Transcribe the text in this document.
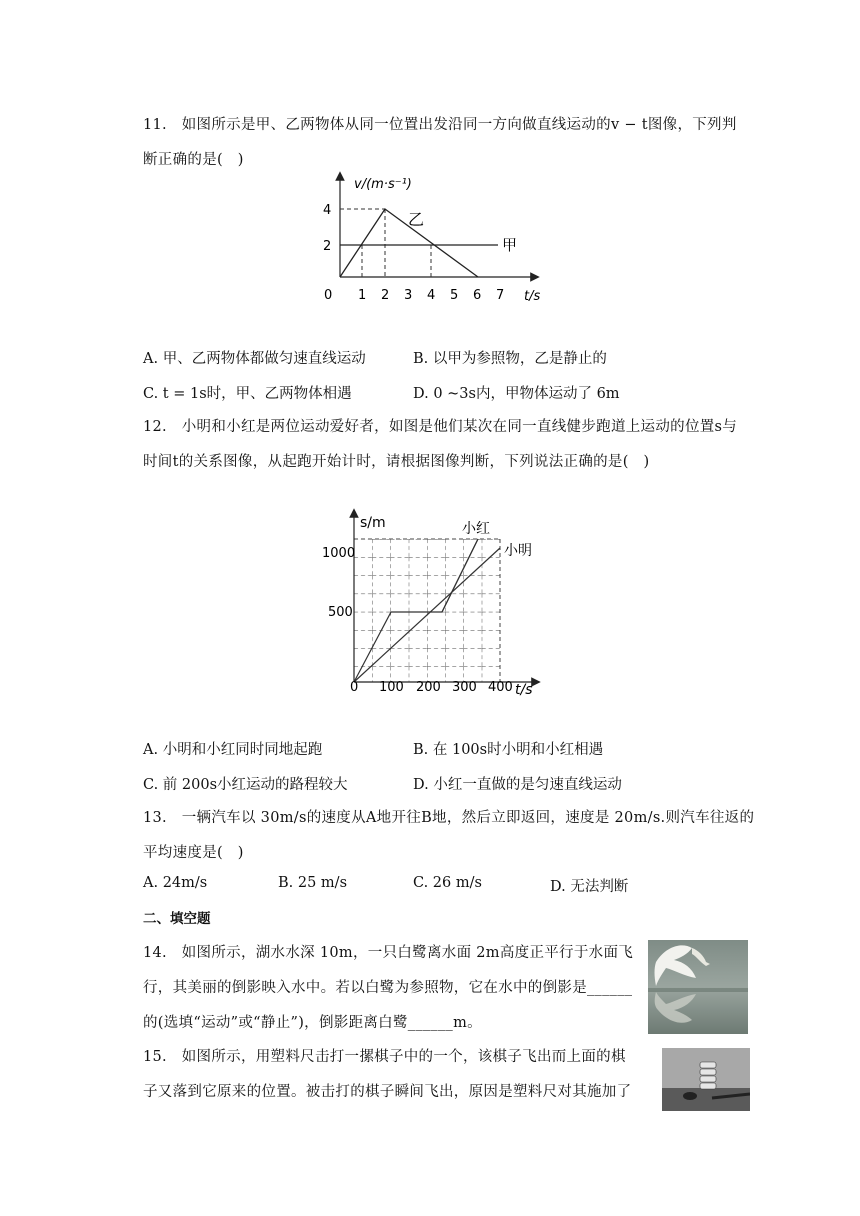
11.　如图所示是甲、乙两物体从同一位置出发沿同一方向做直线运动的v − t图像，下列判
断正确的是(　)
v/(m·s⁻¹)
4
2
0 1 2 3 4 5 6 7 t/s
甲
乙
A. 甲、乙两物体都做匀速直线运动	B. 以甲为参照物，乙是静止的
C. t = 1s时，甲、乙两物体相遇	D. 0 ~3s内，甲物体运动了 6m
12.　小明和小红是两位运动爱好者，如图是他们某次在同一直线健步跑道上运动的位置s与
时间t的关系图像，从起跑开始计时，请根据图像判断，下列说法正确的是(　)
s/m
1000
500
0 100 200 300 400 t/s
小红
小明
A. 小明和小红同时同地起跑	B. 在 100s时小明和小红相遇
C. 前 200s小红运动的路程较大	D. 小红一直做的是匀速直线运动
13.　一辆汽车以 30m/s的速度从A地开往B地，然后立即返回，速度是 20m/s.则汽车往返的
平均速度是(　)
A. 24m/s	B. 25 m/s	C. 26 m/s	D. 无法判断
二、填空题
14.　如图所示，湖水水深 10m，一只白鹭离水面 2m高度正平行于水面飞
行，其美丽的倒影映入水中。若以白鹭为参照物，它在水中的倒影是______
的(选填“运动”或“静止”)，倒影距离白鹭______m。
15.　如图所示，用塑料尺击打一摞棋子中的一个，该棋子飞出而上面的棋
子又落到它原来的位置。被击打的棋子瞬间飞出，原因是塑料尺对其施加了
